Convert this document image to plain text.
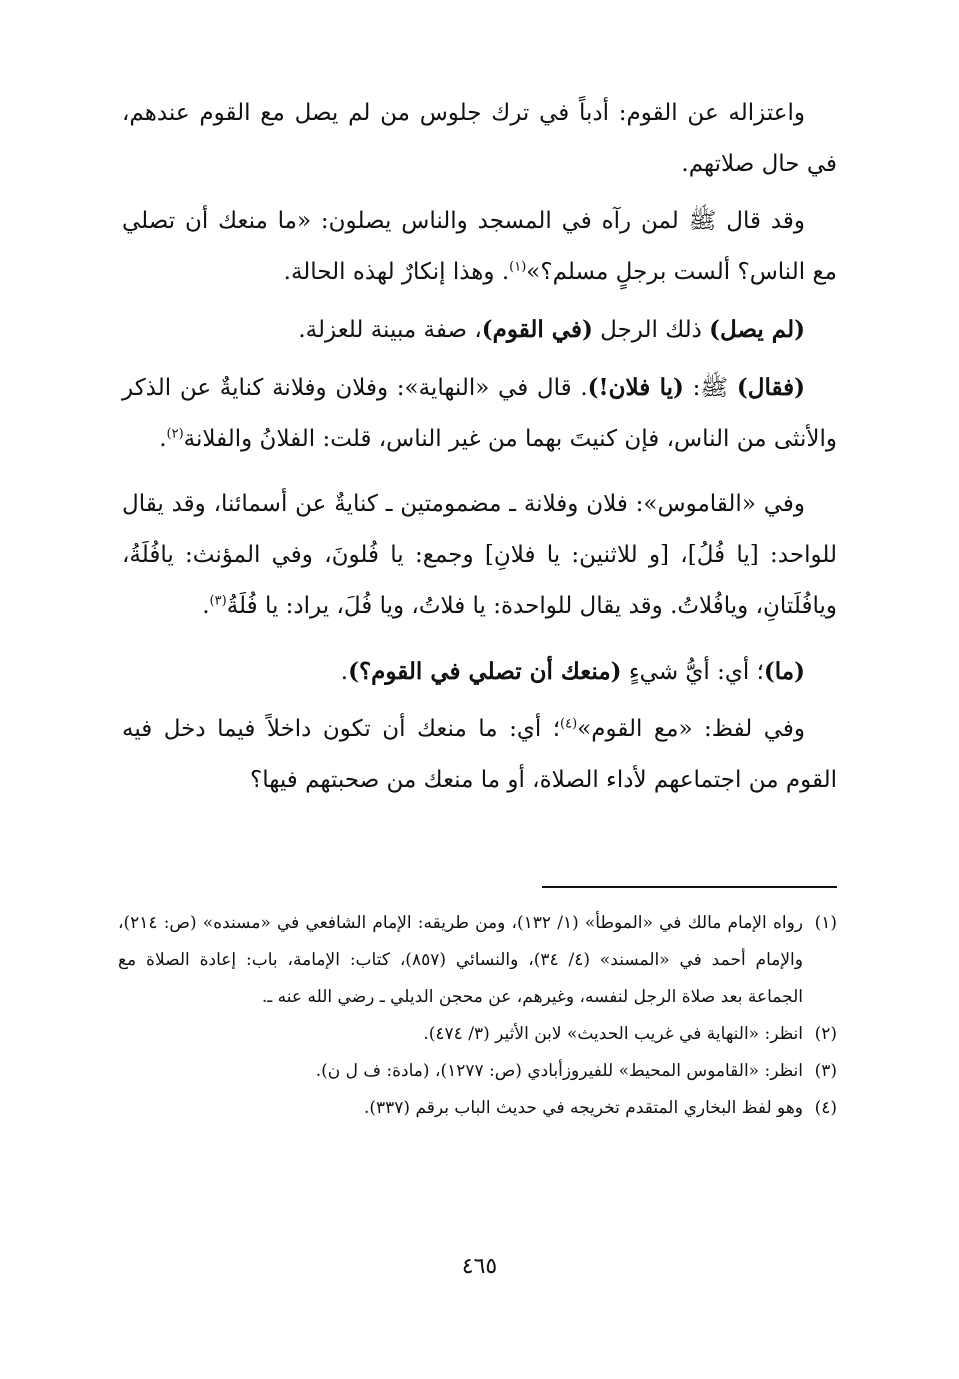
واعتزاله عن القوم: أدباً في ترك جلوس من لم يصل مع القوم عندهم، في حال صلاتهم.

وقد قال ﷺ لمن رآه في المسجد والناس يصلون: «ما منعك أن تصلي مع الناس؟ ألست برجلٍ مسلم؟»$^{(١)}$. وهذا إنكارٌ لهذه الحالة.

(لم يصل) ذلك الرجل (في القوم)، صفة مبينة للعزلة.

(فقال) ﷺ: (يا فلان!). قال في «النهاية»: وفلان وفلانة كنايةٌ عن الذكر والأنثى من الناس، فإن كنيتَ بهما من غير الناس، قلت: الفلانُ والفلانة$^{(٢)}$.

وفي «القاموس»: فلان وفلانة ـ مضمومتين ـ كنايةٌ عن أسمائنا، وقد يقال للواحد: [يا فُلُ]، [و للاثنين: يا فلانِ] وجمع: يا فُلونَ، وفي المؤنث: يافُلَةُ، ويافُلَتانِ، ويافُلاتُ. وقد يقال للواحدة: يا فلاتُ، ويا فُلَ، يراد: يا فُلَةُ$^{(٣)}$.

(ما)؛ أي: أيُّ شيءٍ (منعك أن تصلي في القوم؟).

وفي لفظ: «مع القوم»$^{(٤)}$؛ أي: ما منعك أن تكون داخلاً فيما دخل فيه القوم من اجتماعهم لأداء الصلاة، أو ما منعك من صحبتهم فيها؟

(١)
رواه الإمام مالك في «الموطأ» (١/ ١٣٢)، ومن طريقه: الإمام الشافعي في «مسنده» (ص: ٢١٤)، والإمام أحمد في «المسند» (٤/ ٣٤)، والنسائي (٨٥٧)، كتاب: الإمامة، باب: إعادة الصلاة مع الجماعة بعد صلاة الرجل لنفسه، وغيرهم، عن محجن الديلي ـ رضي الله عنه ـ.
(٢)
انظر: «النهاية في غريب الحديث» لابن الأثير (٣/ ٤٧٤).
(٣)
انظر: «القاموس المحيط» للفيروزأبادي (ص: ١٢٧٧)، (مادة: ف ل ن).
(٤)
وهو لفظ البخاري المتقدم تخريجه في حديث الباب برقم (٣٣٧).
٤٦٥
